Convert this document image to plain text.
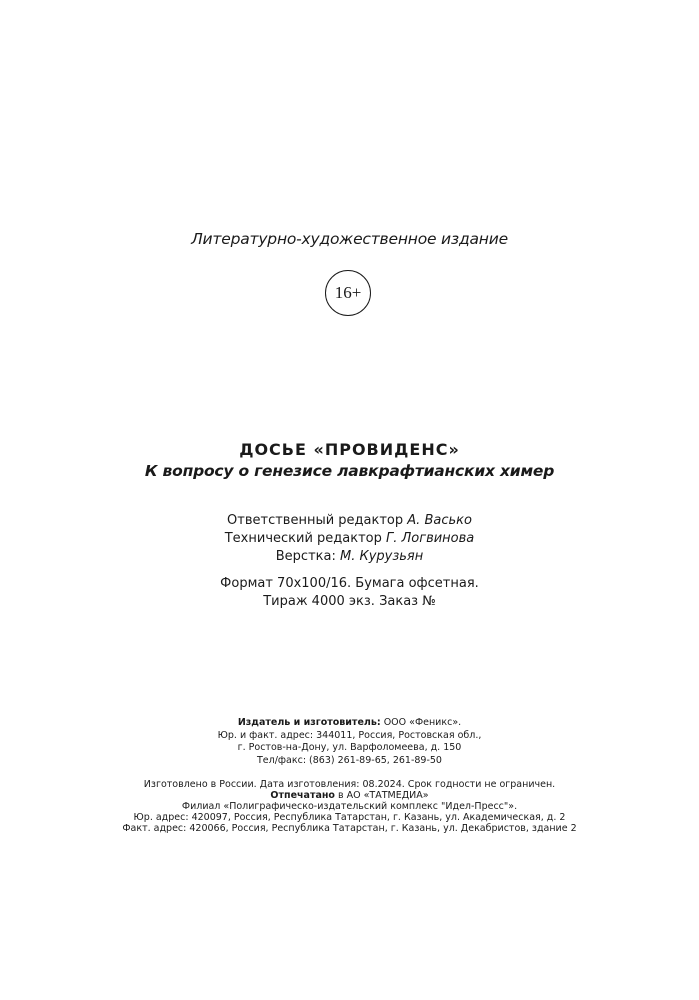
Литературно-художественное издание
16+
ДОСЬЕ «ПРОВИДЕНС»
К вопросу о генезисе лавкрафтианских химер
Ответственный редактор А. Васько
Технический редактор Г. Логвинова
Верстка: М. Курузьян
Формат 70x100/16. Бумага офсетная.
Тираж 4000 экз. Заказ №
Издатель и изготовитель: ООО «Феникс».
Юр. и факт. адрес: 344011, Россия, Ростовская обл.,
г. Ростов-на-Дону, ул. Варфоломеева, д. 150
Тел/факс: (863) 261-89-65, 261-89-50
Изготовлено в России. Дата изготовления: 08.2024. Срок годности не ограничен.
Отпечатано в АО «ТАТМЕДИА»
Филиал «Полиграфическо-издательский комплекс "Идел-Пресс"».
Юр. адрес: 420097, Россия, Республика Татарстан, г. Казань, ул. Академическая, д. 2
Факт. адрес: 420066, Россия, Республика Татарстан, г. Казань, ул. Декабристов, здание 2
